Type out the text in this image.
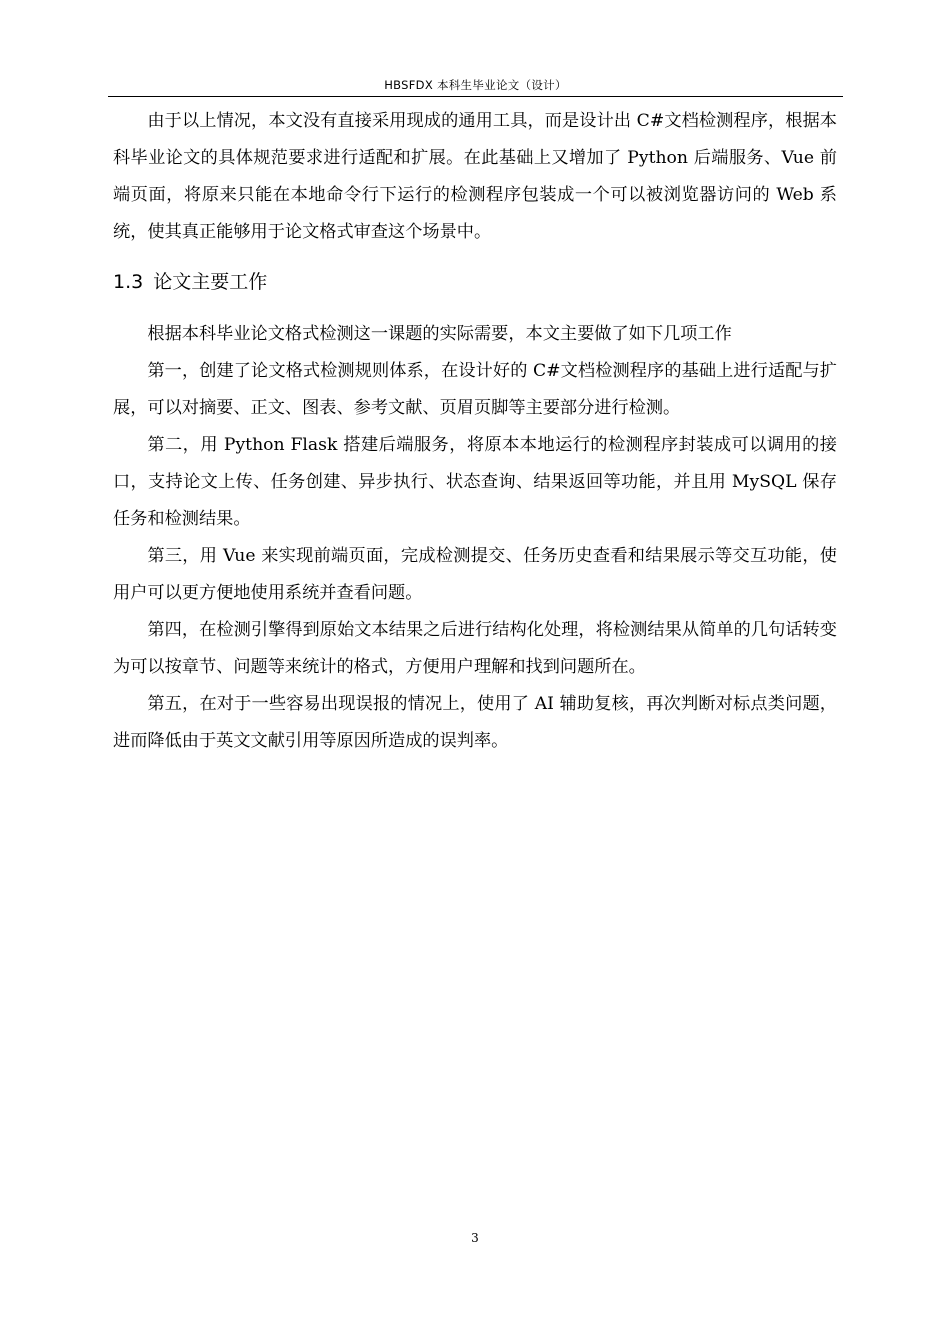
HBSFDX 本科生毕业论文（设计）

由于以上情况，本文没有直接采用现成的通用工具，而是设计出 C#文档检测程序，根据本科毕业论文的具体规范要求进行适配和扩展。在此基础上又增加了 Python 后端服务、Vue 前端页面，将原来只能在本地命令行下运行的检测程序包装成一个可以被浏览器访问的 Web 系统，使其真正能够用于论文格式审查这个场景中。

1.3 论文主要工作

根据本科毕业论文格式检测这一课题的实际需要，本文主要做了如下几项工作

第一，创建了论文格式检测规则体系，在设计好的 C#文档检测程序的基础上进行适配与扩展，可以对摘要、正文、图表、参考文献、页眉页脚等主要部分进行检测。

第二，用 Python Flask 搭建后端服务，将原本本地运行的检测程序封装成可以调用的接口，支持论文上传、任务创建、异步执行、状态查询、结果返回等功能，并且用 MySQL 保存任务和检测结果。

第三，用 Vue 来实现前端页面，完成检测提交、任务历史查看和结果展示等交互功能，使用户可以更方便地使用系统并查看问题。

第四，在检测引擎得到原始文本结果之后进行结构化处理，将检测结果从简单的几句话转变为可以按章节、问题等来统计的格式，方便用户理解和找到问题所在。

第五，在对于一些容易出现误报的情况上，使用了 AI 辅助复核，再次判断对标点类问题，进而降低由于英文文献引用等原因所造成的误判率。

3
